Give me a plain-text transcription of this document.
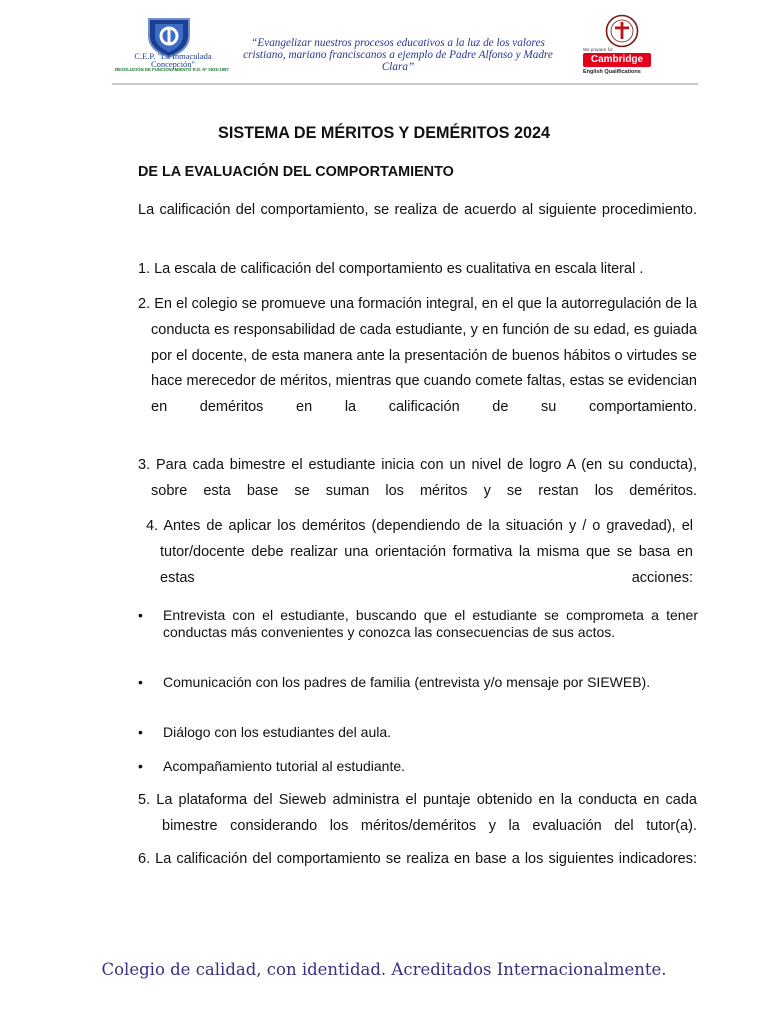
C.E.P. "La Inmaculada Concepción"
RESOLUCIÓN DE FUNCIONAMIENTO R.D. N° 0025-1987
“Evangelizar nuestros procesos educativos a la luz de los valores cristiano, mariano franciscanos a ejemplo de Padre Alfonso y Madre Clara”
We prepare for
Cambridge
English Qualifications
SISTEMA DE MÉRITOS Y DEMÉRITOS 2024
DE LA EVALUACIÓN DEL COMPORTAMIENTO
La calificación del comportamiento, se realiza de acuerdo al siguiente procedimiento.
1. La escala de calificación del comportamiento es cualitativa en escala literal .
2. En el colegio se promueve una formación integral, en el que la autorregulación de la conducta es responsabilidad de cada estudiante, y en función de su edad, es guiada por el docente, de esta manera ante la presentación de buenos hábitos o virtudes se hace merecedor de méritos, mientras que cuando comete faltas, estas se evidencian en deméritos en la calificación de su comportamiento.
3. Para cada bimestre el estudiante inicia con un nivel de logro A (en su conducta), sobre esta base se suman los méritos y se restan los deméritos.
4. Antes de aplicar los deméritos (dependiendo de la situación y / o gravedad), el tutor/docente debe realizar una orientación formativa la misma que se basa en estas acciones:
• Entrevista con el estudiante, buscando que el estudiante se comprometa a tener conductas más convenientes y conozca las consecuencias de sus actos.
• Comunicación con los padres de familia (entrevista y/o mensaje por SIEWEB).
• Diálogo con los estudiantes del aula.
• Acompañamiento tutorial al estudiante.
5. La plataforma del Sieweb administra el puntaje obtenido en la conducta en cada bimestre considerando los méritos/deméritos y la evaluación del tutor(a).
6. La calificación del comportamiento se realiza en base a los siguientes indicadores:
Colegio de calidad, con identidad. Acreditados Internacionalmente.
